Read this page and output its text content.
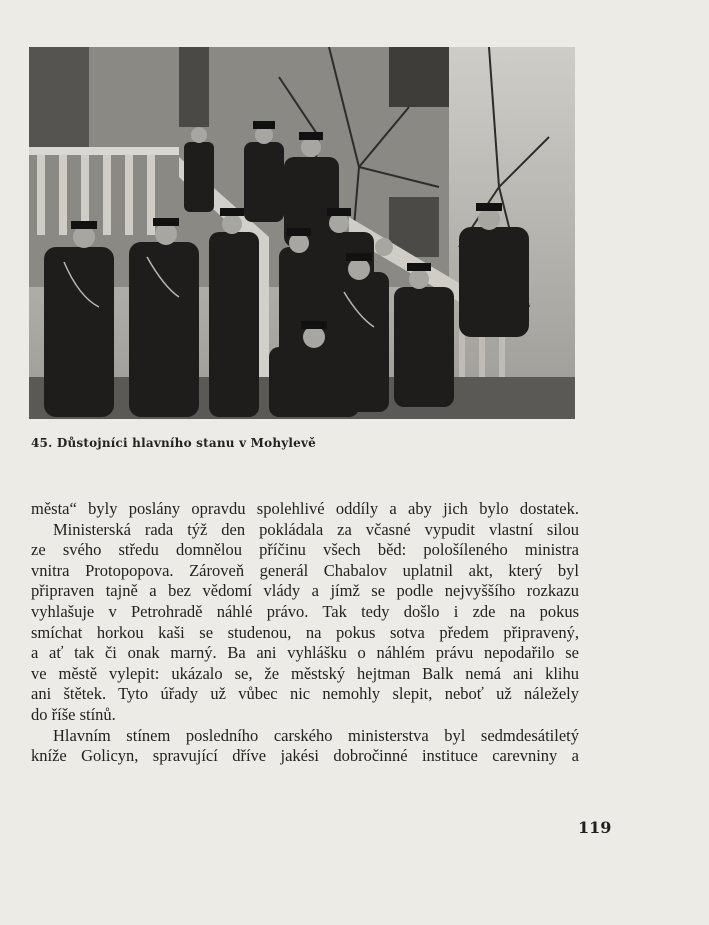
45. Důstojníci hlavního stanu v Mohylevě
města“ byly poslány opravdu spolehlivé oddíly a aby jich bylo dostatek.
Ministerská rada týž den pokládala za včasné vypudit vlastní silou
ze svého středu domnělou příčinu všech běd: pološíleného ministra
vnitra Protopopova. Zároveň generál Chabalov uplatnil akt, který byl
připraven tajně a bez vědomí vlády a jímž se podle nejvyššího rozkazu
vyhlašuje v Petrohradě náhlé právo. Tak tedy došlo i zde na pokus
smíchat horkou kaši se studenou, na pokus sotva předem připravený,
a ať tak či onak marný. Ba ani vyhlášku o náhlém právu nepodařilo se
ve městě vylepit: ukázalo se, že městský hejtman Balk nemá ani klihu
ani štětek. Tyto úřady už vůbec nic nemohly slepit, neboť už náležely
do říše stínů.
Hlavním stínem posledního carského ministerstva byl sedmdesátiletý
kníže Golicyn, spravující dříve jakési dobročinné instituce carevniny a
119
